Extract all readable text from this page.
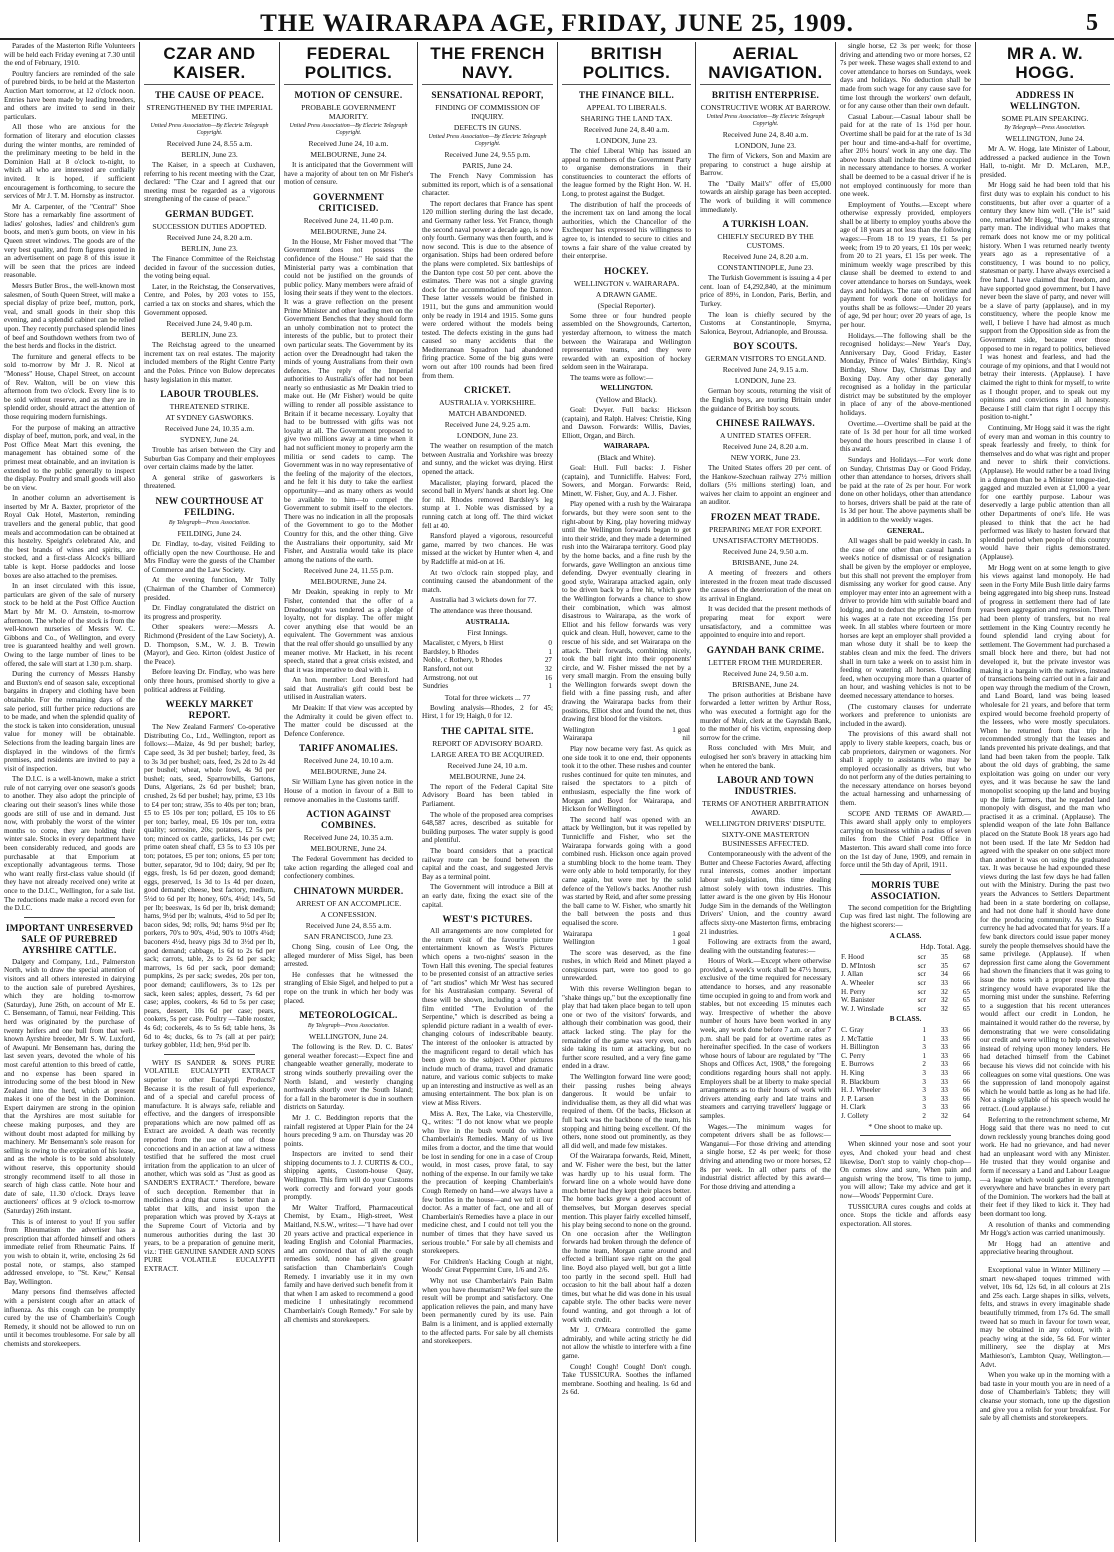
THE WAIRARAPA AGE, FRIDAY, JUNE 25, 1909.	5

Parades of the Masterton Rifle Volunteers will be held each Friday evening at 7.30 until the end of February, 1910.

Poultry fanciers are reminded of the sale of purebred birds, to be held at the Masterton Auction Mart tomorrow, at 12 o'clock noon. Entries have been made by leading breeders, and others are invited to send in their particulars.

All those who are anxious for the formation of literary and elocution classes during the winter months, are reminded of the preliminary meeting to be held in the Dominion Hall at 8 o'clock to-night, to which all who are interested are cordially invited. It is hoped, if sufficient encouragement is forthcoming, to secure the services of Mr J. T. M. Hornsby as instructor.

Mr A. Carpenter, of the "Central" Shoe Store has a remarkably fine assortment of ladies' goloshes, ladies' and children's gum boots, and men's gum boots, on view in his Queen street windows. The goods are of the very best quality, and from figures quoted in an advertisement on page 8 of this issue it will be seen that the prices are indeed reasonable.

Messrs Butler Bros., the well-known most salesmen, of South Queen Street, will make a special display of prize beef, mutton, pork, veal, and small goods in their shop this evening, and a splendid cabinet can be relied upon. They recently purchased splendid lines of beef and Southdown wethers from two of the best herds and flocks in the district.

The furniture and general effects to be sold to-morrow by Mr J. R. Nicol at "Moness" House, Chapel Street, on account of Rev. Walton, will be on view this afternoon from two o'clock. Every line is to be sold without reserve, and as they are in splendid order, should attract the attention of those requiring modern furnishings.

For the purpose of making an attractive display of beef, mutton, pork, and veal, in the Post Office Meat Mart this evening, the management has obtained some of the primest meat obtainable, and an invitation is extended to the public generally to inspect the display. Poultry and small goods will also be on view.

In another column an advertisement is inserted by Mr A. Baxter, proprietor of the Royal Oak Hotel, Masterton, reminding travellers and the general public, that good meals and accommodation can be obtained at this hostelry. Speight's celebrated Ale, and the best brands of wines and spirits, are stocked, and a first-class Alcock's billiard table is kept. Horse paddocks and loose boxes are also attached to the premises.

In an inset circulated with this issue, particulars are given of the sale of nursery stock to be held at the Post Office Auction Mart by Mr M. O. Arnstein, to-morrow afternoon. The whole of the stock is from the well-known nurseries of Messrs W. C. Gibbons and Co., of Wellington, and every tree is guaranteed healthy and well grown. Owing to the large number of lines to be offered, the sale will start at 1.30 p.m. sharp.

During the currency of Messrs Hansby and Buxton's end of season sale, exceptional bargains in drapery and clothing have been obtainable. For the remaining days of the sale period, still further price reductions are to be made, and when the splendid quality of the stock is taken into consideration, unusual value for money will be obtainable. Selections from the leading bargain lines are displayed in the windows of the firm's premises, and residents are invited to pay a visit of inspection.

The D.I.C. is a well-known, make a strict rule of not carrying over one season's goods to another. They also adopt the principle of clearing out their season's lines while those goods are still of use and in demand. Just now, with probably the worst of the winter months to come, they are holding their winter sale. Stocks in every department have been considerably reduced, and goods are purchasable at that Emporium at exceptionally advantageous terms. Those who want really first-class value should (if they have not already received one) write at once to the D.I.C., Wellington, for a sale list. The reductions made make a record even for the D.I.C.

IMPORTANT UNRESERVED SALE OF PUREBRED AYRSHIRE CATTLE.

Dalgety and Company, Ltd., Palmerston North, wish to draw the special attention of visitors and all others interested in dairying to the auction sale of purebred Ayrshires, which they are holding to-morrow (Saturday), June 26th, on account of Mr E. C. Bensemann, of Tamui, near Feilding. This herd was originated by the purchase of twenty heifers and one bull from that well-known Ayrshire breeder, Mr S. W. Luxford, of Awapuni. Mr Bensemann has, during the last seven years, devoted the whole of his most careful attention to this breed of cattle, and no expense has been spared in introducing some of the best blood in New Zealand into the herd, which at present makes it one of the best in the Dominion. Expert dairymen are strong in the opinion that the Ayrshires are most suitable for cheese making purposes, and they are without doubt most adapted for milking by machinery. Mr Bensemann's sole reason for selling is owing to the expiration of his lease, and as the whole is to be sold absolutely without reserve, this opportunity should strongly recommend itself to all those in search of high class cattle. Note hour and date of sale, 11.30 o'clock. Drays leave auctioneers' offices at 9 o'clock to-morrow (Saturday) 26th instant.

This is of interest to you! If you suffer from Rheumatism the advertiser has a prescription that afforded himself and others immediate relief from Rheumatic Pains. If you wish to obtain it, write, enclosing 2s 6d postal note, or stamps, also stamped addressed envelope, to "St. Kew," Kensal Bay, Wellington.

Many persons find themselves affected with a persistent cough after an attack of influenza. As this cough can be promptly cured by the use of Chamberlain's Cough Remedy, it should not be allowed to run on until it becomes troublesome. For sale by all chemists and storekeepers.

CZAR AND KAISER.
THE CAUSE OF PEACE.
STRENGTHENED BY THE IMPERIAL MEETING.
United Press Association—By Electric Telegraph Copyright.
Received June 24, 8.55 a.m.
BERLIN, June 23.

The Kaiser, in a speech at Cuxhaven, referring to his recent meeting with the Czar, declared: "The Czar and I agreed that our meeting must be regarded as a vigorous strengthening of the cause of peace."

GERMAN BUDGET.
SUCCESSION DUTIES ADOPTED.
Received June 24, 8.20 a.m.
BERLIN, June 23.

The Finance Committee of the Reichstag decided in favour of the succession duties, the voting being equal.

Later, in the Reichstag, the Conservatives, Centre, and Poles, by 203 votes to 155, carried a tax on stocks and shares, which the Government opposed.

Received June 24, 9.40 p.m.
BERLIN, June 23.

The Reichstag agreed to the unearned increment tax on real estates. The majority included members of the Right Centre Party and the Poles. Prince von Bulow deprecates hasty legislation in this matter.

LABOUR TROUBLES.
THREATENED STRIKE.
AT SYDNEY GASWORKS.
Received June 24, 10.35 a.m.
SYDNEY, June 24.

Trouble has arisen between the City and Suburban Gas Company and their employees over certain claims made by the latter.

A general strike of gasworkers is threatened.

NEW COURTHOUSE AT FEILDING.
By Telegraph—Press Association.
FEILDING, June 24.

Dr. Findlay, to-day, visited Feilding to officially open the new Courthouse. He and Mrs Findlay were the guests of the Chamber of Commerce and the Law Society.

At the evening function, Mr Tolly (Chairman of the Chamber of Commerce) presided.

Dr. Findlay congratulated the district on its progress and prosperity.

Other speakers were:—Messrs A. Richmond (President of the Law Society), A. D. Thompson, S.M., W. J. B. Trewin (Mayor), and Geo. Kirton (oldest Justice of the Peace).

Before leaving Dr. Findlay, who was here only three hours, promised shortly to give a political address at Feilding.

WEEKLY MARKET REPORT.

The New Zealand Farmers' Co-operative Distributing Co., Ltd., Wellington, report as follows:—Maize, 4s 9d per bushel; barley, Cape seed, 3s 3d per bushel; barley, feed, 3s to 3s 3d per bushel; oats, feed, 2s 2d to 2s 4d per bushel; wheat, whole fowl, 4s 9d per bushel; oats, seed, Sparrowbills, Gartons, Duns, Algerians, 2s 6d per bushel; bran, crushed, 2s 6d per bushel; hay, prime, £3 10s to £4 per ton; straw, 35s to 40s per ton; bran, £5 to £5 10s per ton; pollard, £5 10s to £6 per ton; barley, meal, £6 10s per ton, extra quality; sorrosine, 20s; potatoes, £2 5s per ton; minced ox cattle, garlicks, 14s per cwt; prime oaten sheaf chaff, £3 5s to £3 10s per ton; potatoes, £5 per ton; onions, £5 per ton; butter, separator, 9d to 10d; dairy, 9d per lb; eggs, fresh, 1s 6d per dozen, good demand; eggs, preserved, 1s 3d to 1s 4d per dozen, good demand; cheese, best factory, medium, 5½d to 6d per lb; honey, 60's, 4¼d; 14's, 5d per lb; beeswax, 1s 6d per lb, brisk demand; hams, 9½d per lb; walnuts, 4½d to 5d per lb; bacon sides, 9d; rolls, 9d; hams 9½d per lb; porkers, 70's to 90's, 4½d, 90's to 100's 4¼d; baconers 4½d, heavy pigs 3d to 3½d per lb, good demand; cabbage, 1s 6d to 2s 6d per sack; carrots, table, 2s to 2s 6d per sack; marrows, 1s 6d per sack, poor demand; pumpkins, 2s per sack; swedes, 20s per ton, poor demand; cauliflowers, 3s to 12s per sack, keen sales; apples, dessert, 7s 6d per case; apples, cookers, 4s 6d to 5s per case; pears, dessert, 10s 6d per case; pears, cookers, 5s per case. Poultry —Table rooster, 4s 6d; cockerels, 4s to 5s 6d; table hens, 3s 6d to 4s; ducks, 6s to 7s (all at per pair); turkey gobbler, 11d; hen, 9½d per lb.

WHY IS SANDER & SONS PURE VOLATILE EUCALYPTI EXTRACT superior to other Eucalypti Products? Because it is the result of full experience, and of a special and careful process of manufacture. It is always safe, reliable and effective, and the dangers of irresponsible preparations which are now palmed off as Extract are avoided. A death was recently reported from the use of one of those concoctions and in an action at law a witness testified that he suffered the most cruel irritation from the application to an ulcer of another, which was sold as "Just as good as SANDER'S EXTRACT." Therefore, beware of such deception. Remember that in medicines a drug that cures is better than a tablet that kills, and insist upon the preparation which was proved by X-rays at the Supreme Court of Victoria and by numerous authorities during the last 30 years, to be a preparation of genuine merit, viz.: THE GENUINE SANDER AND SONS PURE VOLATILE EUCALYPTI EXTRACT.

FEDERAL POLITICS.
MOTION OF CENSURE.
PROBABLE GOVERNMENT MAJORITY.
United Press Association—By Electric Telegraph Copyright.
Received June 24, 10 a.m.
MELBOURNE, June 24.

It is anticipated that the Government will have a majority of about ten on Mr Fisher's motion of censure.

GOVERNMENT CRITICISED.
Received June 24, 11.40 p.m.
MELBOURNE, June 24.

In the House, Mr Fisher moved that "The Government does not possess the confidence of the House." He said that the Ministerial party was a combination that could not be justified on the grounds of public policy. Many members were afraid of losing their seats if they went to the electors. It was a grave reflection on the present Prime Minister and other leading men on the Government Benches that they should form an unholy combination not to protect the interests of the public, but to protect their own particular seats. The Government by its action over the Dreadnought had taken the minds of young Australians from their own defences. The reply of the Imperial authorities to Australia's offer had not been nearly so enthusiastic as Mr Deakin tried to make out. He (Mr Fisher) would be quite willing to render all possible assistance to Britain if it became necessary. Loyalty that had to be buttressed with gifts was not loyalty at all. The Government proposed to give two millions away at a time when it had not sufficient money to properly arm the militia or send cadets to camp. The Government was in no way representative of the feeling of the majority of the electors, and he felt it his duty to take the earliest opportunity—and as many others as would be available to him—to compel the Government to submit itself to the electors. There was no indication in all the proposals of the Government to go to the Mother Country for this, and the other thing. Give the Australians their opportunity, said Mr Fisher, and Australia would take its place among the nations of the earth.

Received June 24, 11.55 p.m.
MELBOURNE, June 24.

Mr Deakin, speaking in reply to Mr Fisher, contended that the offer of a Dreadnought was tendered as a pledge of loyalty, not for display. The offer might cover anything else that would be an equivalent. The Government was anxious that the real offer should go unsullied by any meaner motive. Mr Hackett, in his recent speech, stated that a great crisis existed, and that it was imperative to deal with it.

An hon. member: Lord Beresford had said that Australia's gift could best be utilised in Australian waters.

Mr Deakin: If that view was accepted by the Admiralty it could be given effect to. The matter could be discussed at the Defence Conference.

TARIFF ANOMALIES.
Received June 24, 10.10 a.m.
MELBOURNE, June 24.

Sir William Lyne has given notice in the House of a motion in favour of a Bill to remove anomalies in the Customs tariff.

ACTION AGAINST COMBINES.
Received June 24, 10.35 a.m.
MELBOURNE, June 24.

The Federal Government has decided to take action regarding the alleged coal and confectionery combines.

CHINATOWN MURDER.
ARREST OF AN ACCOMPLICE.
A CONFESSION.
Received June 24, 8.55 a.m.
SAN FRANCISCO, June 23.

Chong Sing, cousin of Lee Ong, the alleged murderer of Miss Sigel, has been arrested.

He confesses that he witnessed the strangling of Elsie Sigel, and helped to put a rope on the trunk in which her body was placed.

METEOROLOGICAL.
By Telegraph—Press Association.
WELLINGTON, June 24.

The following is the Rev. D. C. Bates' general weather forecast:—Expect fine and changeable weather generally, moderate to strong winds southerly prevailing over the North Island, and westerly changing northwards shortly over the South Island; for a fall in the barometer is due in southern districts on Saturday.

Mr J. C. Beddington reports that the rainfall registered at Upper Plain for the 24 hours preceding 9 a.m. on Thursday was 20 points.

Inspectors are invited to send their shipping documents to J. J. CURTIS & CO., shipping agents, Custom-house Quay, Wellington. This firm will do your Customs work correctly and forward your goods promptly.

Mr Walter Trafford, Pharmaceutical Chemist, by Exam., High-street, West Maitland, N.S.W., writes:—"I have had over 20 years active and practical experience in leading English and Colonial Pharmacies, and am convinced that of all the cough remedies sold, none has given greater satisfaction than Chamberlain's Cough Remedy. I invariably use it in my own family and have derived such benefit from it that when I am asked to recommend a good medicine I unhesitatingly recommend Chamberlain's Cough Remedy." For sale by all chemists and storekeepers.

THE FRENCH NAVY.
SENSATIONAL REPORT,
FINDING OF COMMISSION OF INQUIRY.
DEFECTS IN GUNS.
United Press Association—By Electric Telegraph Copyright.
Received June 24, 9.55 p.m.
PARIS, June 24.

The French Navy Commission has submitted its report, which is of a sensational character.

The report declares that France has spent 120 million sterling during the last decade, and Germany rather less. Yet France, though the second naval power a decade ago, is now only fourth. Germany was then fourth, and is now second. This is due to the absence of organisation. Ships had been ordered before the plans were completed. Six battleships of the Danton type cost 50 per cent. above the estimates. There was not a single graving dock for the accommodation of the Danton. These latter vessels would be finished in 1911, but the guns and ammunition would only be ready in 1914 and 1915. Some guns were ordered without the models being tested. The defects existing in the guns had caused so many accidents that the Mediterranean Squadron had abandoned firing practice. Some of the big guns were worn out after 100 rounds had been fired from them.

CRICKET.
AUSTRALIA v. YORKSHIRE.
MATCH ABANDONED.
Received June 24, 9.25 a.m.
LONDON, June 23.

The weather on resumption of the match between Australia and Yorkshire was breezy and sunny, and the wicket was drying. Hirst opened the attack.

Macalister, playing forward, placed the second ball in Myers' hands at short leg. One for nil. Rhodes removed Bardsley's leg stump at 1. Noble was dismissed by a running catch at long off. The third wicket fell at 40.

Ransford played a vigorous, resourceful game, marred by two chances. He was missed at the wicket by Hunter when 4, and by Radcliffe at mid-on at 16.

At two o'clock rain stopped play, and continuing caused the abandonment of the match.

Australia had 3 wickets down for 77.

The attendance was three thousand.

AUSTRALIA.
First Innings.
Macalister, c Myers, b Hirst	0
Bardsley, b Rhodes	1
Noble, c Rothery, b Rhodes	27
Ransford, not out	32
Armstrong, not out	16
Sundries	1
Total for three wickets ... 77

Bowling analysis—Rhodes, 2 for 45; Hirst, 1 for 19; Haigh, 0 for 12.

THE CAPITAL SITE.
REPORT OF ADVISORY BOARD.
LARGE AREA TO BE ACQUIRED.
Received June 24, 10 a.m.
MELBOURNE, June 24.

The report of the Federal Capital Site Advisory Board has been tabled in Parliament.

The whole of the proposed area comprises 648,587 acres, described as suitable for building purposes. The water supply is good and plentiful.

The board considers that a practical railway route can be found between the capital and the coast, and suggested Jervis Bay as a terminal point.

The Government will introduce a Bill at an early date, fixing the exact site of the capital.

WEST'S PICTURES.

All arrangements are now completed for the return visit of the favourite picture entertainment known as West's Pictures which opens a two-nights' season in the Town Hall this evening. The special features to be presented consist of an attractive series of "art studios" which Mr West has secured for his Australasian company. Several of these will be shown, including a wonderful film entitled "The Evolution of the Serpentine," which is described as being a splendid picture radiant in a wealth of ever-changing colours of indescribable beauty. The interest of the onlooker is attracted by the magnificent regard to detail which has been given to the subject. Other pictures include much of drama, travel and dramatic nature, and various comic subjects to make up an interesting and instructive as well as an amusing entertainment. The box plan is on view at Miss Rivers.

Miss A. Rex, The Lake, via Chesterville, Q., writes: "I do not know what we people who live in the bush would do without Chamberlain's Remedies. Many of us live miles from a doctor, and the time that would be lost in sending for one in a case of Croup would, in most cases, prove fatal, to say nothing of the expense. In our family we take the precaution of keeping Chamberlain's Cough Remedy on hand—we always have a few bottles in the house—and we tell it our doctor. As a matter of fact, one and all of Chamberlain's Remedies have a place in our medicine chest, and I could not tell you the number of times that they have saved us serious trouble." For sale by all chemists and storekeepers.

For Children's Hacking Cough at night, Woods' Great Peppermint Cure, 1/6 and 2/6.

Why not use Chamberlain's Pain Balm when you have rheumatism? We feel sure the result will be prompt and satisfactory. One application relieves the pain, and many have been permanently cured by its use. Pain Balm is a liniment, and is applied externally to the affected parts. For sale by all chemists and storekeepers.

BRITISH POLITICS.
THE FINANCE BILL.
APPEAL TO LIBERALS.
SHARING THE LAND TAX.
Received June 24, 8.40 a.m.
LONDON, June 23.

The chief Liberal Whip has issued an appeal to members of the Government Party to organise demonstrations in their constituencies to counteract the efforts of the league formed by the Right Hon. W. H. Long, to protest against the Budget.

The distribution of half the proceeds of the increment tax on land among the local authorities, which the Chancellor of the Exchequer has expressed his willingness to agree to, is intended to secure to cities and towns a fair share of the value created by their enterprise.

HOCKEY.
WELLINGTON v. WAIRARAPA.
A DRAWN GAME.
(Special Reporter).

Some three or four hundred people assembled on the Showgrounds, Carterton, yesterday afternoon, to witness the match between the Wairarapa and Wellington representative teams, and they were rewarded with an exposition of hockey seldom seen in the Wairarapa.

The teams were as follow:—

WELLINGTON.
(Yellow and Black).

Goal: Dwyer. Full backs: Hickson (captain), and Ralph. Halves: Christie, King and Dawson. Forwards: Willis, Davies, Elliott, Organ, and Birch.

WAIRARAPA.
(Black and White).

Goal: Hull. Full backs: J. Fisher (captain), and Tunnicliffe. Halves: Ford, Sowers, and Morgan. Forwards: Reid, Minett, W. Fisher, Guy, and A. J. Fisher.

Play opened with a rush by the Wairarapa forwards, but they were soon sent to the right-about by King, play hovering midway until the Wellington forwards began to get into their stride, and they made a determined rush into the Wairarapa territory. Good play by the home backs, and a fine rush by the forwards, gave Wellington an anxious time defending. Dwyer eventually clearing in good style, Wairarapa attacked again, only to be driven back by a free hit, which gave the Wellington forwards a chance to show their combination, which was almost disastrous to Wairarapa, as the work of Elliot and his fellow forwards was very quick and clean. Hull, however, came to the rescue of his side, and set Wairarapa on the attack. Their forwards, combining nicely, took the ball right into their opponents' circle, and W. Fisher missed the net by a very small margin. From the ensuing bully the Wellington forwards swept down the field with a fine passing rush, and after drawing the Wairarapa backs from their positions, Elliot shot and found the net, thus drawing first blood for the visitors.

Wellington	1 goal
Wairarapa	nil

Play now became very fast. As quick as one side took it to one end, their opponents took it to the other. These rushes and counter rushes continued for quite ten minutes, and raised the spectators to a pitch of enthusiasm, especially the fine work of Morgan and Boyd for Wairarapa, and Hickson for Wellington.

The second half was opened with an attack by Wellington, but it was repelled by Tunnicliffe and Fisher, who set the Wairarapa forwards going with a good combined rush. Hickson once again proved a stumbling block to the home team. They were only able to hold temporarily, for they came again, but were met by the solid defence of the Yellow's backs. Another rush was started by Reid, and after some pressing the ball came to W. Fisher, who smartly hit the ball between the posts and thus equalised the score.

Wairarapa	1 goal
Wellington	1 goal

The score was deserved, as the fine rushes, in which Reid and Minett played a conspicuous part, were too good to go unrewarded.

With this reverse Wellington began to "shake things up," but the exceptionally fine play that had taken place began to tell upon one or two of the visitors' forwards, and although their combination was good, their attack lacked sting. The play for the remainder of the game was very even, each side taking its turn at attacking, but no further score resulted, and a very fine game ended in a draw.

The Wellington forward line were good; their passing rushes being always dangerous. It would be unfair to individualise them, as they all did what was required of them. Of the backs, Hickson at full back was the backbone of the team, his stopping and hitting being excellent. Of the others, none stood out prominently, as they all did well, and made few mistakes.

Of the Wairarapa forwards, Reid, Minett, and W. Fisher were the best, but the latter was hardly up to his usual form. The forward line on a whole would have done much better had they kept their places better. The home backs grew a good account of themselves, but Morgan deserves special mention. This player fairly excelled himself, his play being second to none on the ground. On one occasion after the Wellington forwards had broken through the defence of the home team, Morgan came around and effected a brilliant save right on the goal line. Boyd also played well, but got a little too partly in the second spell. Hull had occasion to hit the ball about half a dozen times, but what he did was done in his usual capable style. The other backs were never found wanting, and got through a lot of work with credit.

Mr J. O'Meara controlled the game admirably, and while acting strictly he did not allow the whistle to interfere with a fine game.

Cough! Cough! Cough! Don't cough. Take TUSSICURA. Soothes the inflamed membrane. Soothing and healing. 1s 6d and 2s 6d.

AERIAL NAVIGATION.
BRITISH ENTERPRISE.
CONSTRUCTIVE WORK AT BARROW.
United Press Association—By Electric Telegraph Copyright.
Received June 24, 8.40 a.m.
LONDON, June 23.

The firm of Vickers, Son and Maxim are preparing to construct a huge airship at Barrow.

The "Daily Mail's" offer of £5,000 towards an airship garage has been accepted. The work of building it will commence immediately.

A TURKISH LOAN.
CHIEFLY SECURED BY THE CUSTOMS.
Received June 24, 8.20 a.m.
CONSTANTINOPLE, June 23.

The Turkish Government is issuing a 4 per cent. loan of £4,292,840, at the minimum price of 89½, in London, Paris, Berlin, and Turkey.

The loan is chiefly secured by the Customs at Constantinople, Smyrna, Salonica, Beyrout, Adrianople, and Broussa.

BOY SCOUTS.
GERMAN VISITORS TO ENGLAND.
Received June 24, 9.15 a.m.
LONDON, June 23.

German boy scouts, returning the visit of the English boys, are touring Britain under the guidance of British boy scouts.

CHINESE RAILWAYS.
A UNITED STATES OFFER.
Received June 24, 8.20 a.m.
NEW YORK, June 23.

The United States offers 20 per cent. of the Hankow-Szechuan railway 27½ million dollars (5½ millions sterling) loan, and waives her claim to appoint an engineer and an auditor.

FROZEN MEAT TRADE.
PREPARING MEAT FOR EXPORT.
UNSATISFACTORY METHODS.
Received June 24, 9.50 a.m.
BRISBANE, June 24.

A meeting of freezers and others interested in the frozen meat trade discussed the causes of the deterioration of the meat on its arrival in England.

It was decided that the present methods of preparing meat for export were unsatisfactory, and a committee was appointed to enquire into and report.

GAYNDAH BANK CRIME.
LETTER FROM THE MURDERER.
Received June 24, 9.50 a.m.
BRISBANE, June 24.

The prison authorities at Brisbane have forwarded a letter written by Arthur Ross, who was executed a fortnight ago for the murder of Muir, clerk at the Gayndah Bank, to the mother of his victim, expressing deep sorrow for the crime.

Ross concluded with Mrs Muir, and eulogised her son's bravery in attacking him when he entered the bank.

LABOUR AND TOWN INDUSTRIES.
TERMS OF ANOTHER ARBITRATION AWARD.
WELLINGTON DRIVERS' DISPUTE.
SIXTY-ONE MASTERTON BUSINESSES AFFECTED.

Contemporaneously with the advent of the Butter and Cheese Factories Award, affecting rural interests, comes another important labour sub-legislation, this time dealing almost solely with town industries. This latter award is the one given by His Honour Judge Sim in the demands of the Wellington Drivers' Union, and the country award affects sixty-one Masterton firms, embracing 21 industries.

Following are extracts from the award, dealing with the outstanding features:—

Hours of Work.—Except where otherwise provided, a week's work shall be 47½ hours, exclusive of the time required for necessary attendance to horses, and any reasonable time occupied in going to and from work and stables, but not exceeding 15 minutes each way. Irrespective of whether the above number of hours have been worked in any week, any work done before 7 a.m. or after 7 p.m. shall be paid for at overtime rates as hereinafter specified. In the case of workers whose hours of labour are regulated by "The Shops and Offices Act, 1908," the foregoing conditions regarding hours shall not apply. Employers shall be at liberty to make special arrangements as to their hours of work with drivers attending early and late trains and steamers and carrying travellers' luggage or samples.

Wages.—The minimum wages for competent drivers shall be as follows:—Wanganui—For those driving and attending a single horse, £2 4s per week; for those driving and attending two or more horses, £2 8s per week. In all other parts of the industrial district affected by this award—For those driving and attending a

single horse, £2 3s per week; for those driving and attending two or more horses, £2 7s per week. These wages shall extend to and cover attendance to horses on Sundays, week days and holidays. No deduction shall be made from such wage for any cause save for time lost through the workers' own default, or for any cause other than their own default.

Casual Labour.—Casual labour shall be paid for at the rate of 1s 1½d per hour. Overtime shall be paid for at the rate of 1s 3d per hour and time-and-a-half for overtime, after 20½ hours' work in any one day. The above hours shall include the time occupied in necessary attendance to horses. A worker shall be deemed to be a casual driver if he is not employed continuously for more than one week.

Employment of Youths.—Except where otherwise expressly provided, employers shall be at liberty to employ youths above the age of 18 years at not less than the following wages:—From 18 to 19 years, £1 5s per week; from 19 to 20 years, £1 10s per week; from 20 to 21 years, £1 15s per week. The minimum weekly wage prescribed by this clause shall be deemed to extend to and cover attendance to horses on Sundays, week days and holidays. The rate of overtime and payment for work done on holidays for youths shall be as follows:—Under 20 years of age, 9d per hour; over 20 years of age, 1s per hour.

Holidays.—The following shall be the recognised holidays:—New Year's Day, Anniversary Day, Good Friday, Easter Monday, Prince of Wales' Birthday, King's Birthday, Show Day, Christmas Day and Boxing Day. Any other day generally recognised as a holiday in the particular district may be substituted by the employer in place of any of the above-mentioned holidays.

Overtime.—Overtime shall be paid at the rate of 1s 3d per hour for all time worked beyond the hours prescribed in clause 1 of this award.

Sundays and Holidays.—For work done on Sunday, Christmas Day or Good Friday, other than attendance to horses, drivers shall be paid at the rate of 2s per hour. For work done on other holidays, other than attendance to horses, drivers shall be paid at the rate of 1s 3d per hour. The above payments shall be in addition to the weekly wages.

GENERAL.

All wages shall be paid weekly in cash. In the case of one other than casual hands a week's notice of dismissal or of resignation shall be given by the employer or employee, but this shall not prevent the employer from dismissing any worker for good cause. Any employer may enter into an agreement with a driver to provide him with suitable board and lodging, and to deduct the price thereof from his wages at a rate not exceeding 15s per week. In all stables where fourteen or more horses are kept an employer shall provided a man whose duty it shall be to keep the stables clean and mix the feed. The drivers shall in turn take a week on to assist him in feeding or watering all horses. Unloading feed, when occupying more than a quarter of an hour, and washing vehicles is not to be deemed necessary attendance to horses.

(The customary clauses for underrate workers and preference to unionists are included in the award).

The provisions of this award shall not apply to livery stable keepers, coach, bus or cab proprietors, dairymen or wagoners. Nor shall it apply to assistants who may be employed occasionally as drivers, but who do not perform any of the duties pertaining to the necessary attendance on horses beyond the actual harnessing and unharnessing of them.

SCOPE AND TERMS OF AWARD.—This award shall apply only to employers carrying on business within a radius of seven miles from the Chief Post Office in Masterton. This award shall come into force on the 1st day of June, 1909, and remain in force until the 5th day of April, 1911.

MORRIS TUBE ASSOCIATION.

The second competition for the Brightling Cup was fired last night. The following are the highest scorers:—

A CLASS.
Hdp. Total. Agg.
F. Hood	scr	35	68
D. M'Intosh	scr	35	67
J. Allan	scr	34	66
A. Wheeler	scr	33	66
H. Perry	scr	32	65
W. Banister	scr	32	65
W. J. Winslade	scr	32	65
B CLASS.
C. Gray	1	33	66
J. McTattie	1	33	66
H. Billington	3	33	66
C. Perry	1	33	66
E. Burrows	2	33	66
H. King	3	33	66
R. Blackburn	3	33	66
H. J. Wheeler	3	33	66
J. P. Larsen	3	33	66
H. Clark	3	33	66
J. Collety	2	32	64
* One shoot to make up.

When skinned your nose and soot your eyes, And choked your head and chest likewise, Don't stop to vainly chop-chop—On comes slow and sure, When pain and anguish wring the brow, 'Tis time to jump, you will allow; Take my advice and get it now—Woods' Peppermint Cure.

TUSSICURA cures coughs and colds at once. Stops the tickle and affords easy expectoration. All stores.

MR A. W. HOGG.
ADDRESS IN WELLINGTON.
SOME PLAIN SPEAKING.
By Telegraph—Press Association.
WELLINGTON, June 24.

Mr A. W. Hogg, late Minister of Labour, addressed a packed audience in the Town Hall, to-night. Mr D. McLaren, M.P., presided.

Mr Hogg said he had been told that his first duty was to explain his conduct to his constituents, but after over a quarter of a century they knew him well. ("He is!" said one, remarked Mr Hogg, "that I am a strong party man. The individual who makes that remark does not know me or my political history. When I was returned nearly twenty years ago as a representative of a constituency, I was bound to no policy, statesman or party. I have always exercised a free hand. I have claimed that freedom, and have supported good government, but I have never been the slave of party, and never will be a slave of party (applause), and in my constituency, where the people know me well, I believe I have had almost as much support from the Opposition side as from the Government side, because ever those opposed to me in regard to politics, believed I was honest and fearless, and had the courage of my opinions, and that I would not betray their interests. (Applause). I have claimed the right to think for myself, to write as I thought proper, and to speak out my opinions and convictions in all honesty. Because I still claim that right I occupy this position to-night."

Continuing, Mr Hogg said it was the right of every man and woman in this country to speak fearlessly and freely, to think for themselves and do what was right and proper and never to shirk their convictions. (Applause). He would rather be a toad living in a dungeon than be a Minister tongue-tied, gagged and muzzled even at £1,000 a year for one earthly purpose. Labour was deservedly a large public attention than all other Departments of one's life. He was pleased to think that the act he had performed was likely to hasten forward that splendid period when people of this country would have their rights demonstrated. (Applause).

Mr Hogg went on at some length to give his views against land monopoly. He had seen in the Forty Mile Bush little dairy farms being aggregated into big sheep runs. Instead of progress in settlement there had of late years been aggregation and regression. There had been plenty of transfers, but no real settlement in the King Country recently he found splendid land crying about for settlement. The Government had purchased a small block here and there, but had not developed it, but the private investor was making it a bargain with the natives, instead of transactions being carried out in a fair and open way through the medium of the Crown, and Land Board, land was being leased wholesale for 21 years, and before that term expired would become freehold property of the lessees, who were mostly speculators. When he returned from that trip he recommended strongly that the leases and lands prevented his private dealings, and that land had been taken from the people. Talk about the old days of grabbing, the same exploitation was going on under our very eyes, and it was because he saw the land monopolist scooping up the land and buying up the little farmers, that he regarded land monopoly with disgust, and the man who practised it as a criminal. (Applause). The splendid weapon of the late John Ballance placed on the Statute Book 18 years ago had not been used. If the late Mr Seddon had agreed with the speaker on one subject more than another it was on using the graduated tax. It was because he had expounded these views during the last few days he had fallen out with the Ministry. During the past two years the Advances to Settlers Department had been in a state bordering on collapse, and had not done half it should have done for the producing community. As to State currency he had advocated that for years. If a few bank directors could issue paper money surely the people themselves should have the same privilege. (Applause). If when depression first came along the Government had shown the financiers that it was going to issue the notes with a proper reserve that stringency would have evaporated like the morning mist under the sunshine. Referring to a suggestion that his recent utterances would affect our credit in London, he maintained it would rather do the reverse, by demonstrating that we were consolidating our credit and were willing to help ourselves instead of relying upon money lenders. He had detached himself from the Cabinet because his views did not coincide with his colleagues on some vital questions. One was the suppression of land monopoly against which he would battle as long as he had life. Not a single syllable of his speech would he retract. (Loud applause.)

Referring to the retrenchment scheme, Mr Hogg said that there was no need to cut down recklessly young branches doing good work. He had no grievance, and had never had an unpleasant word with any Minister. He trusted that they would organise and form if necessary a Land and Labour League—a league which would gather in strength everywhere and have branches in every part of the Dominion. The workers had the ball at their feet if they liked to kick it. They had been dormant too long.

A resolution of thanks and commending Mr Hogg's action was carried unanimously.

Mr Hogg had an attentive and appreciative hearing throughout.

Exceptional value in Winter Millinery — smart new-shaped toques trimmed with velvet, 10s 6d, 12s 6d, in all colours at 21s and 25s each. Large shapes in silks, velvets, felts, and straws in every imaginable shade beautifully trimmed, from 17s 6d. The small tweed hat so much in favour for town wear, may be obtained in any colour, with a peachy wing at the side, 5s 6d. For winter millinery, see the display at Mrs Mathieson's, Lambton Quay, Wellington.—Advt.

When you wake up in the morning with a bad taste in your mouth you are in need of a dose of Chamberlain's Tablets; they will cleanse your stomach, tone up the digestion and give you a relish for your breakfast. For sale by all chemists and storekeepers.
